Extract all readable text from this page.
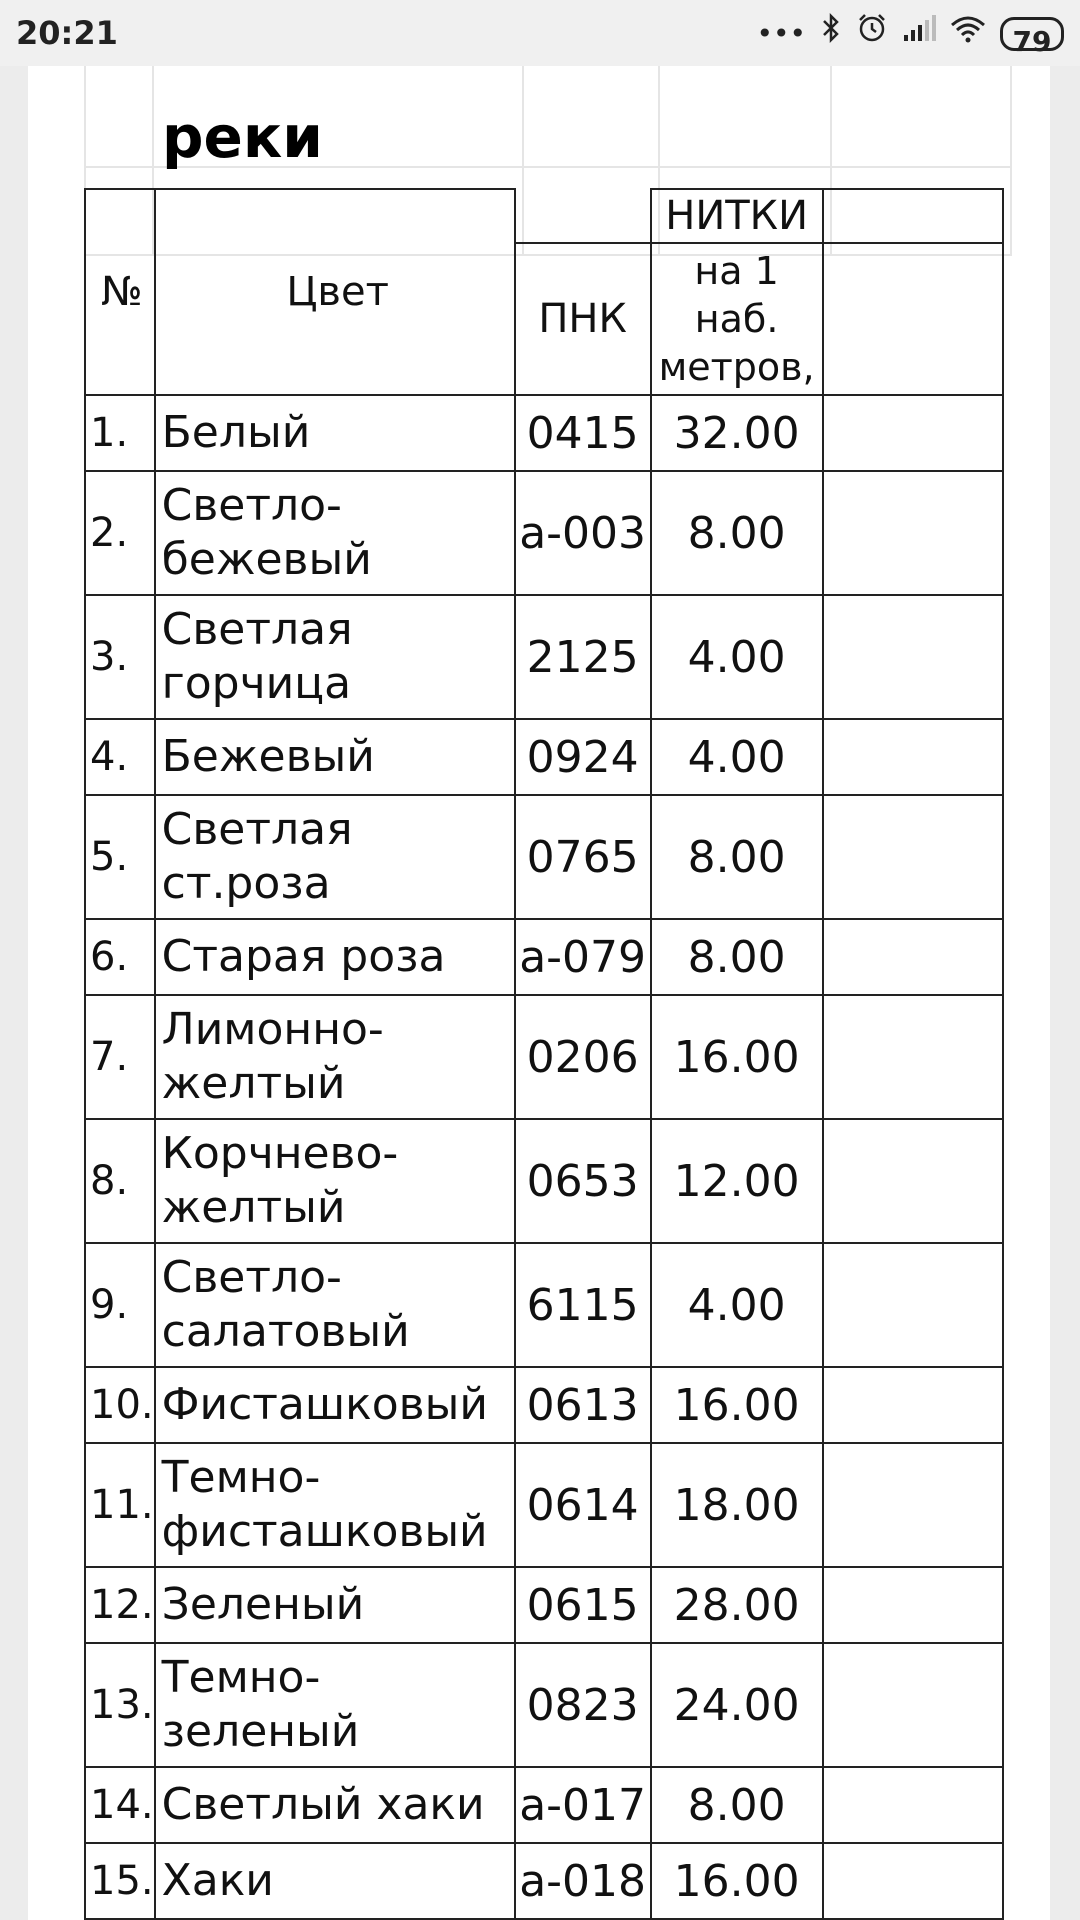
20:21	•••	79
	реки			

№	Цвет		НИТКИ	
		ПНК	на 1 наб. метров,	
1.	Белый	0415	32.00	
2.	Светло-бежевый	а-003	8.00	
3.	Светлая горчица	2125	4.00	
4.	Бежевый	0924	4.00	
5.	Светлая ст.роза	0765	8.00	
6.	Старая роза	а-079	8.00	
7.	Лимонно-желтый	0206	16.00	
8.	Корчнево-желтый	0653	12.00	
9.	Светло-салатовый	6115	4.00	
10.	Фисташковый	0613	16.00	
11.	Темно-фисташковый	0614	18.00	
12.	Зеленый	0615	28.00	
13.	Темно-зеленый	0823	24.00	
14.	Светлый хаки	а-017	8.00	
15.	Хаки	а-018	16.00	
